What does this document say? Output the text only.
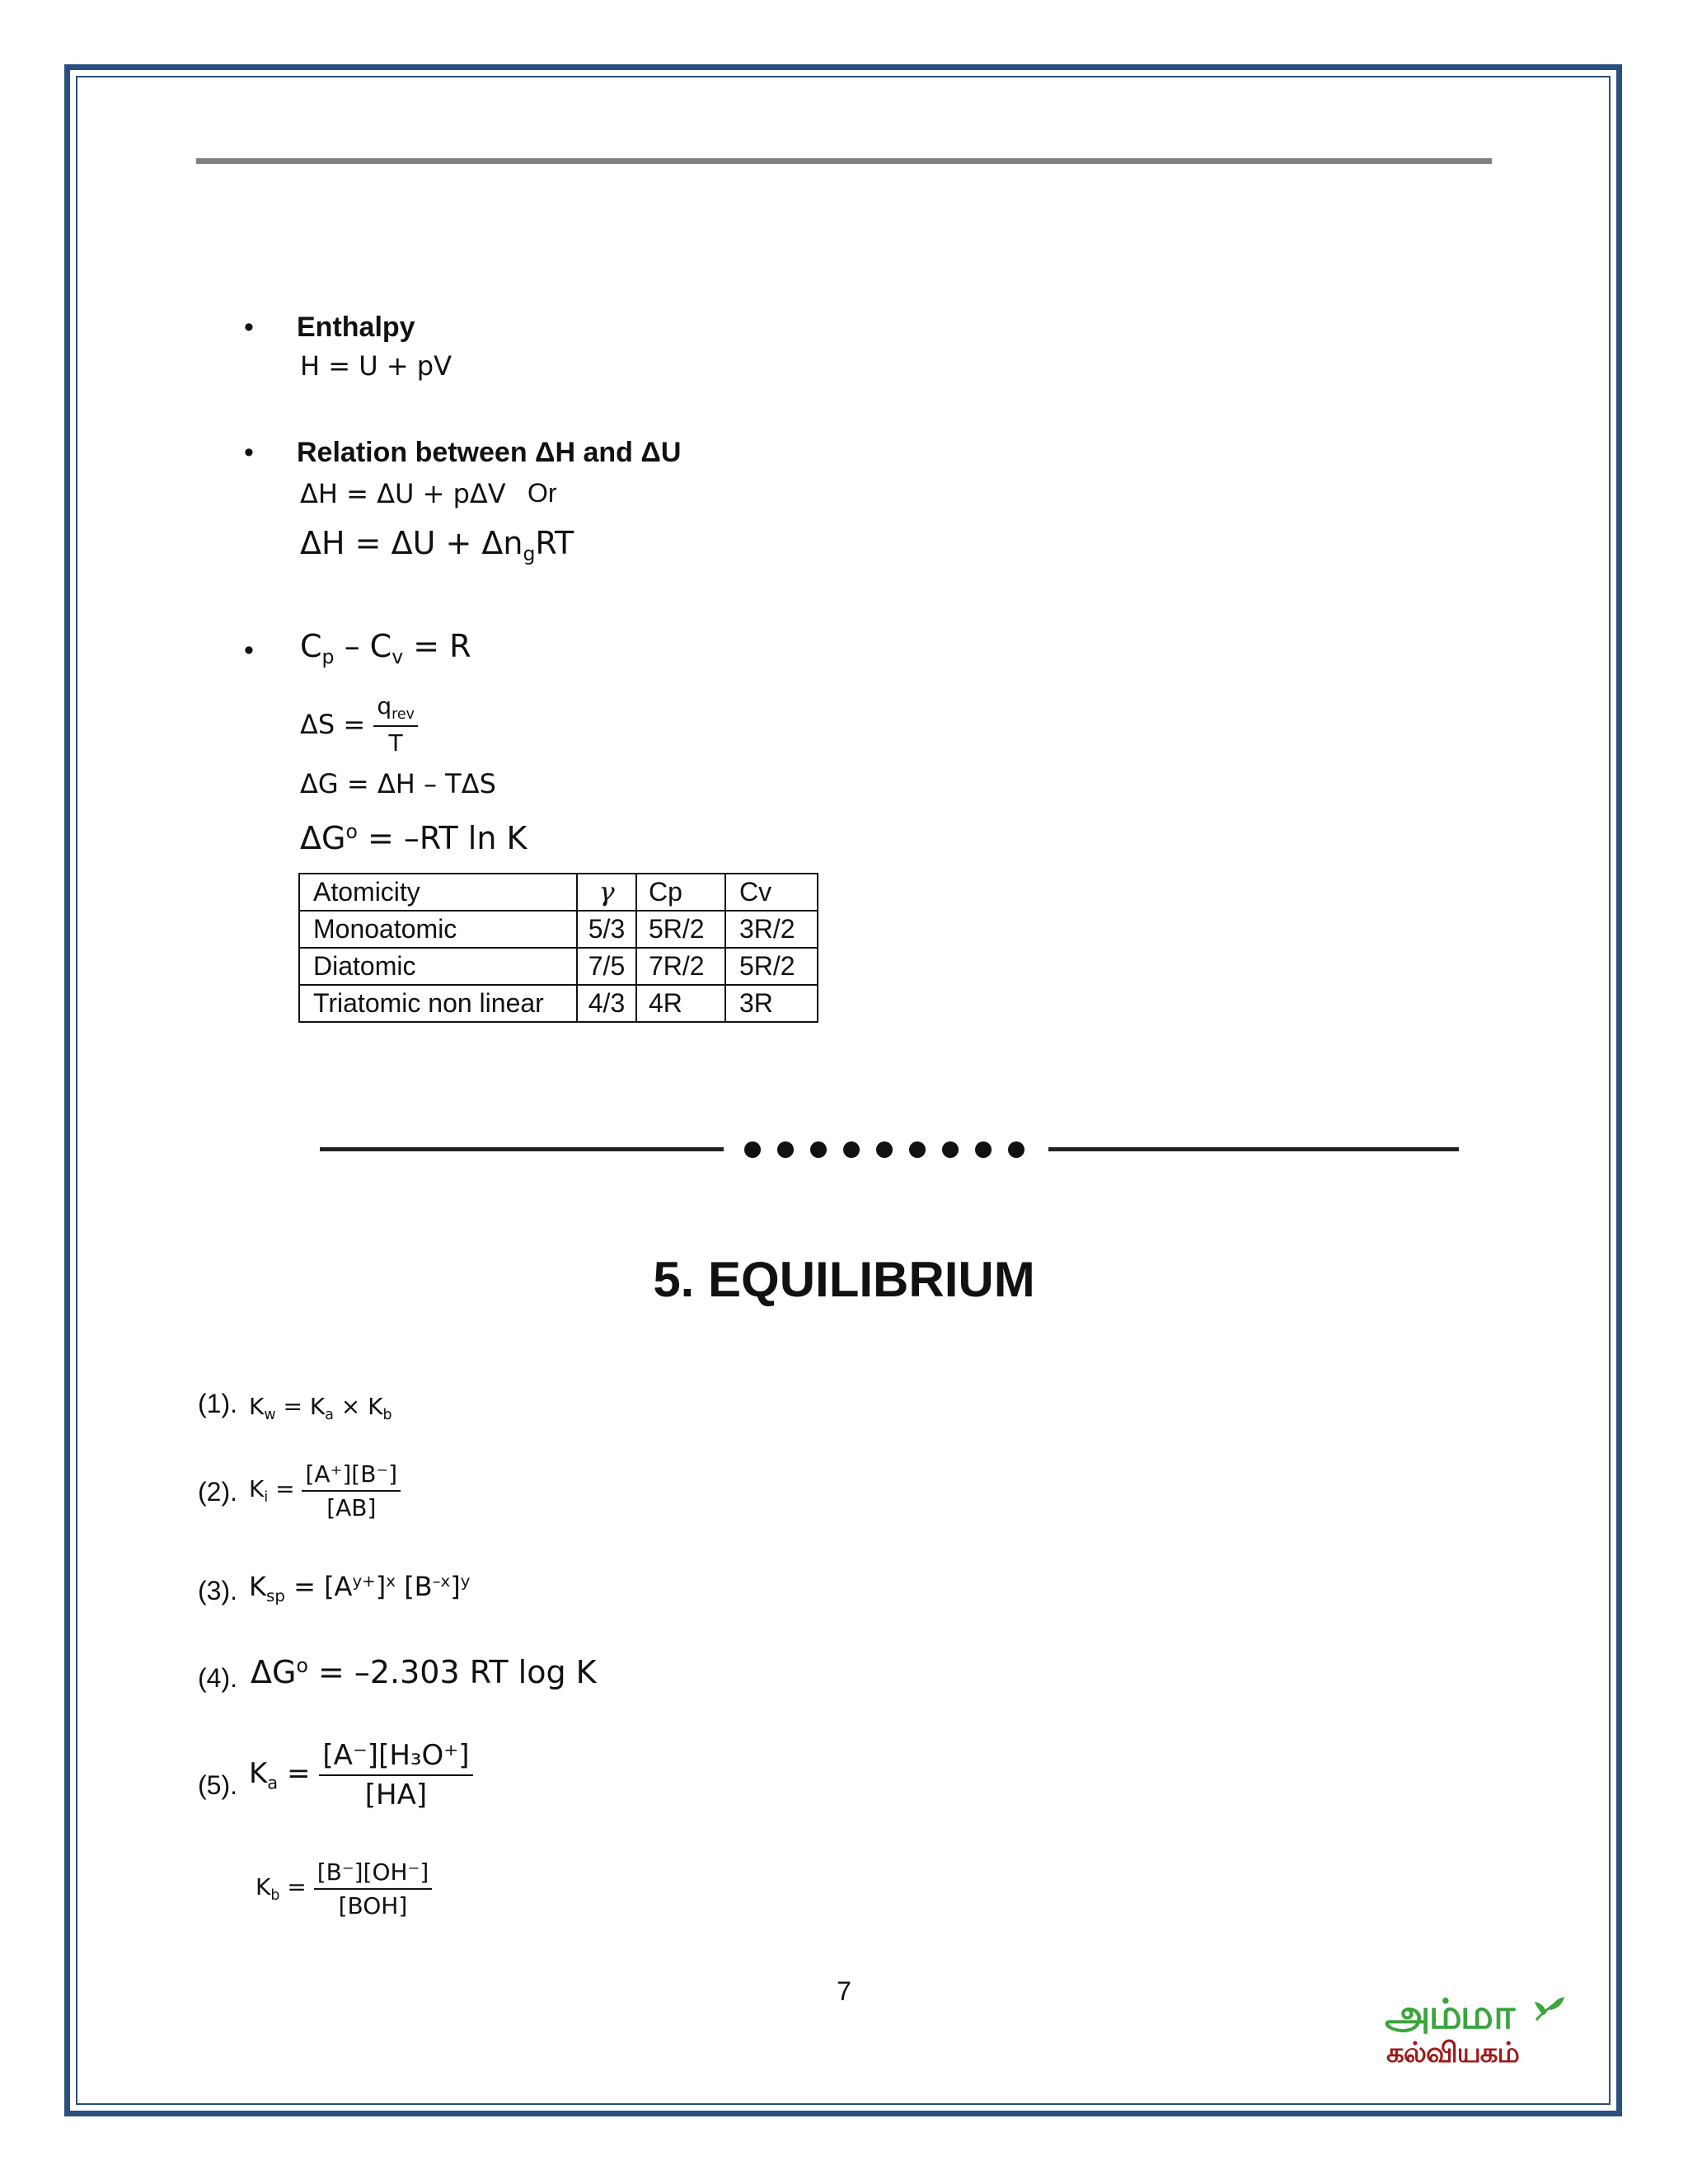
• Enthalpy
H = U + pV
• Relation between ΔH and ΔU
ΔH = ΔU + pΔV Or
$\Delta H = \Delta U + \Delta n_gRT$
• $C_p - C_v = R$
$\Delta S = \frac{q_{rev}}{T}$
ΔG = ΔH – TΔS
$\Delta G^o = -RT$ ln K
Atomicity	γ	Cp	Cv
Monoatomic	5/3	5R/2	3R/2
Diatomic	7/5	7R/2	5R/2
Triatomic non linear	4/3	4R	3R
5. EQUILIBRIUM
(1). $K_w = K_a \times K_b$
(2). $K_i = \frac{[A^+][B^-]}{[AB]}$
(3). $K_{sp} = [A^{y+}]^x$ $[B^{-x}]^y$
(4). $\Delta G^o = -2.303$ RT log K
(5). $K_a = \frac{\text{[A⁻][H₃O⁺]}}{[HA]}$
$K_b = \frac{[B^-][OH^-]}{\text{[BOH]}}$
7	அம்மா
கல்வியகம்
